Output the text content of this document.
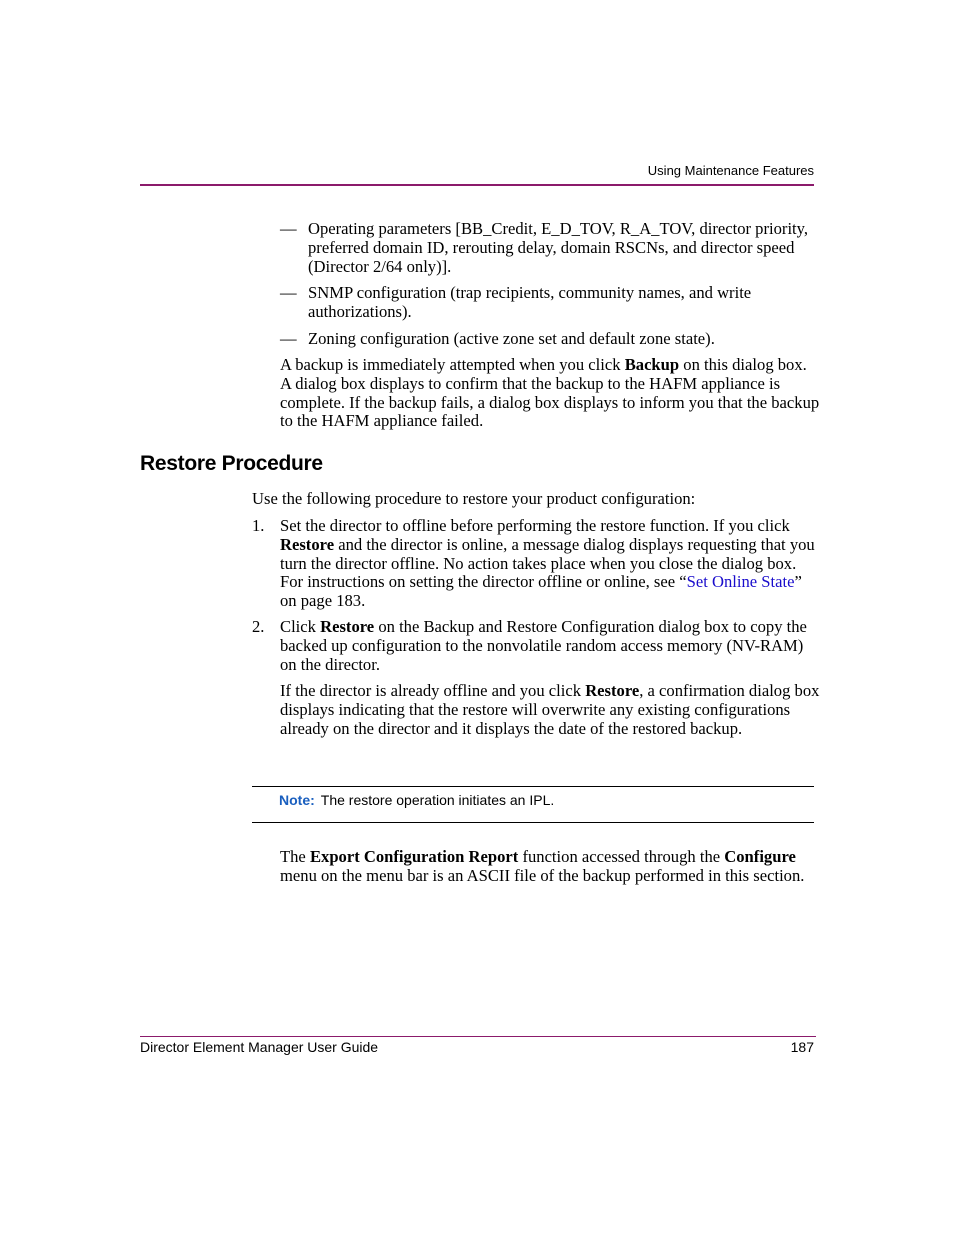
Using Maintenance Features
— Operating parameters [BB_Credit, E_D_TOV, R_A_TOV, director priority, preferred domain ID, rerouting delay, domain RSCNs, and director speed (Director 2/64 only)].
— SNMP configuration (trap recipients, community names, and write authorizations).
— Zoning configuration (active zone set and default zone state).
A backup is immediately attempted when you click Backup on this dialog box. A dialog box displays to confirm that the backup to the HAFM appliance is complete. If the backup fails, a dialog box displays to inform you that the backup to the HAFM appliance failed.
Restore Procedure
Use the following procedure to restore your product configuration:
1. Set the director to offline before performing the restore function. If you click Restore and the director is online, a message dialog displays requesting that you turn the director offline. No action takes place when you close the dialog box. For instructions on setting the director offline or online, see “Set Online State” on page 183.
2. Click Restore on the Backup and Restore Configuration dialog box to copy the backed up configuration to the nonvolatile random access memory (NV-RAM) on the director.
If the director is already offline and you click Restore, a confirmation dialog box displays indicating that the restore will overwrite any existing configurations already on the director and it displays the date of the restored backup.
Note: The restore operation initiates an IPL.
The Export Configuration Report function accessed through the Configure menu on the menu bar is an ASCII file of the backup performed in this section.
Director Element Manager User Guide	187
